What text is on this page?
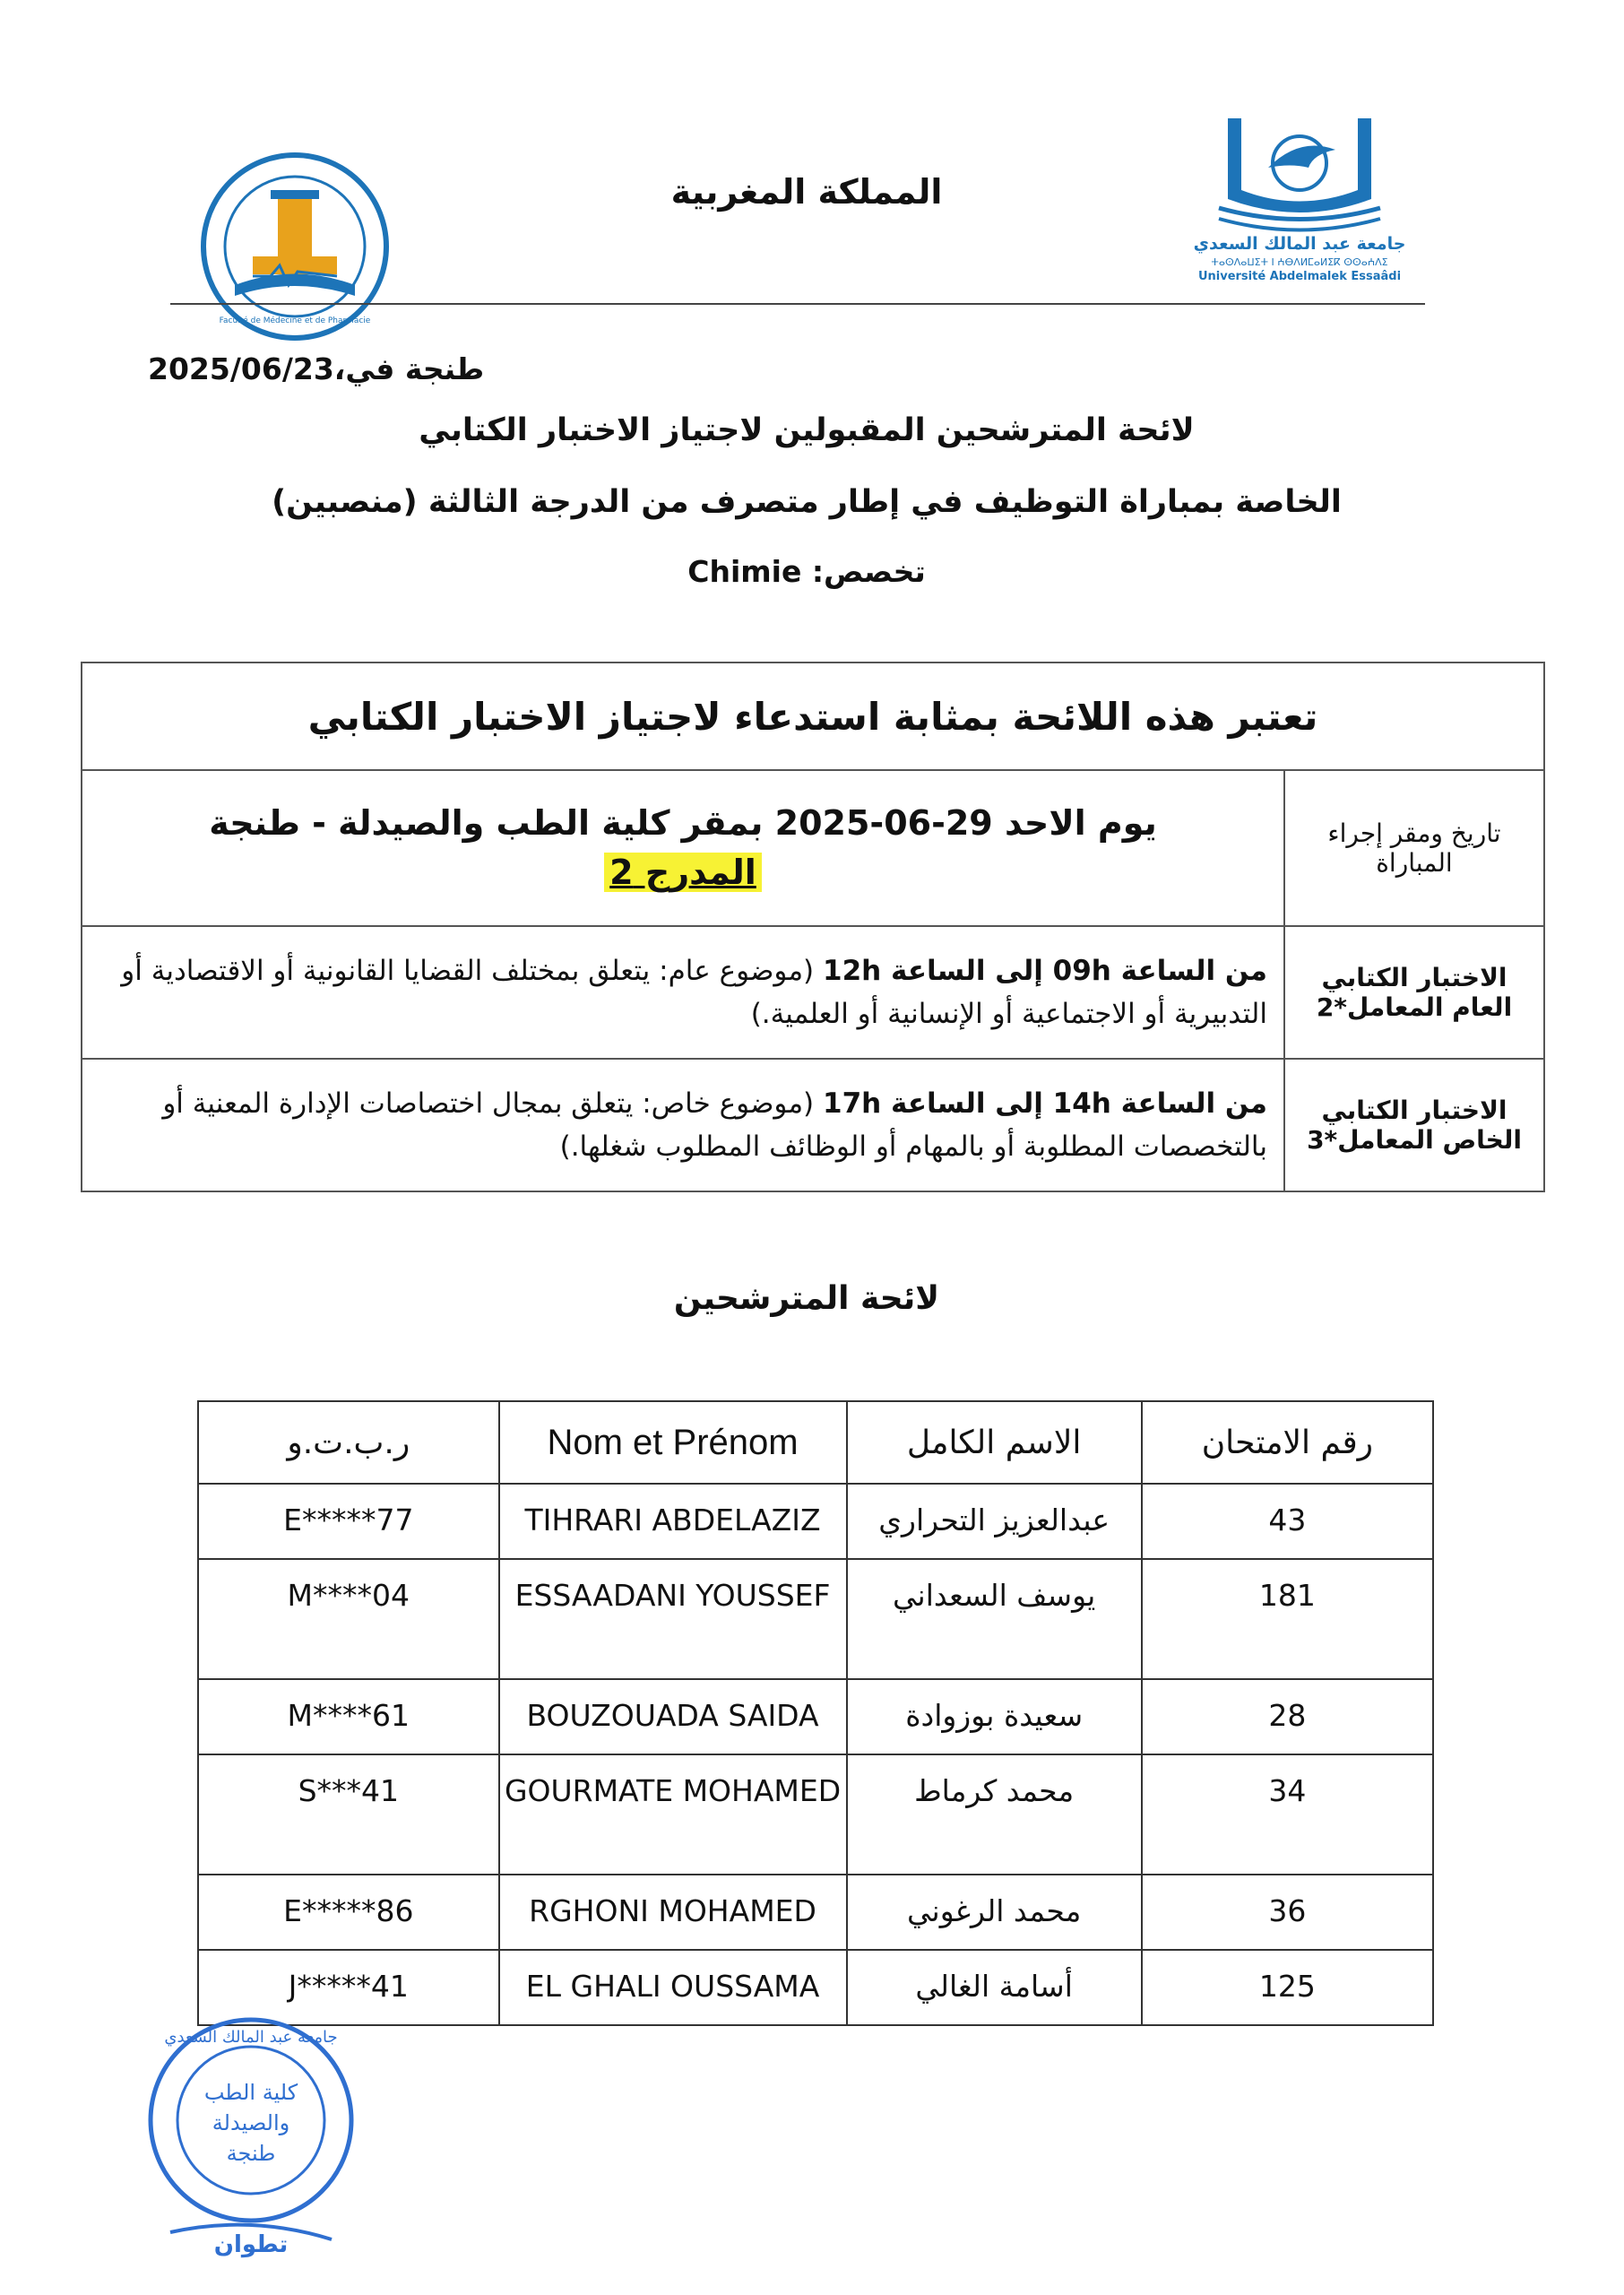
Faculté de Médecine et de Pharmacie
جامعة عبد المالك السعدي
ⵜⴰⵙⴷⴰⵡⵉⵜ ⵏ ⵄⴱⴷⵍⵎⴰⵍⵉⴽ ⵙⵙⴰⵄⴷⵉ
Université Abdelmalek Essaâdi
المملكة المغربية
طنجة في،2025/06/23
لائحة المترشحين المقبولين لاجتياز الاختبار الكتابي
الخاصة بمباراة التوظيف في إطار متصرف من الدرجة الثالثة (منصبين)
تخصص: Chimie
تعتبر هذه اللائحة بمثابة استدعاء لاجتياز الاختبار الكتابي	
تاريخ ومقر إجراء المباراة	يوم الاحد 29-06-2025 بمقر كلية الطب والصيدلة - طنجة
المدرج 2

الاختبار الكتابي العام المعامل*2	من الساعة 09h إلى الساعة 12h (موضوع عام: يتعلق بمختلف القضايا القانونية أو الاقتصادية أو التدبيرية أو الاجتماعية أو الإنسانية أو العلمية.)
الاختبار الكتابي الخاص المعامل*3	من الساعة 14h إلى الساعة 17h (موضوع خاص: يتعلق بمجال اختصاصات الإدارة المعنية أو بالتخصصات المطلوبة أو بالمهام أو الوظائف المطلوب شغلها.)
لائحة المترشحين
رقم الامتحان	الاسم الكامل	Nom et Prénom	ر.ب.ت.و
43	عبدالعزيز التحراري	TIHRARI ABDELAZIZ	E*****77
181	يوسف السعداني	ESSAADANI YOUSSEF	M****04
28	سعيدة بوزوادة	BOUZOUADA SAIDA	M****61
34	محمد كرماط	GOURMATE MOHAMED	S***41
36	محمد الرغوني	RGHONI MOHAMED	E*****86
125	أسامة الغالي	EL GHALI OUSSAMA	J*****41
جامعة عبد المالك السعدي
كلية الطب
والصيدلة
طنجة
تطوان
